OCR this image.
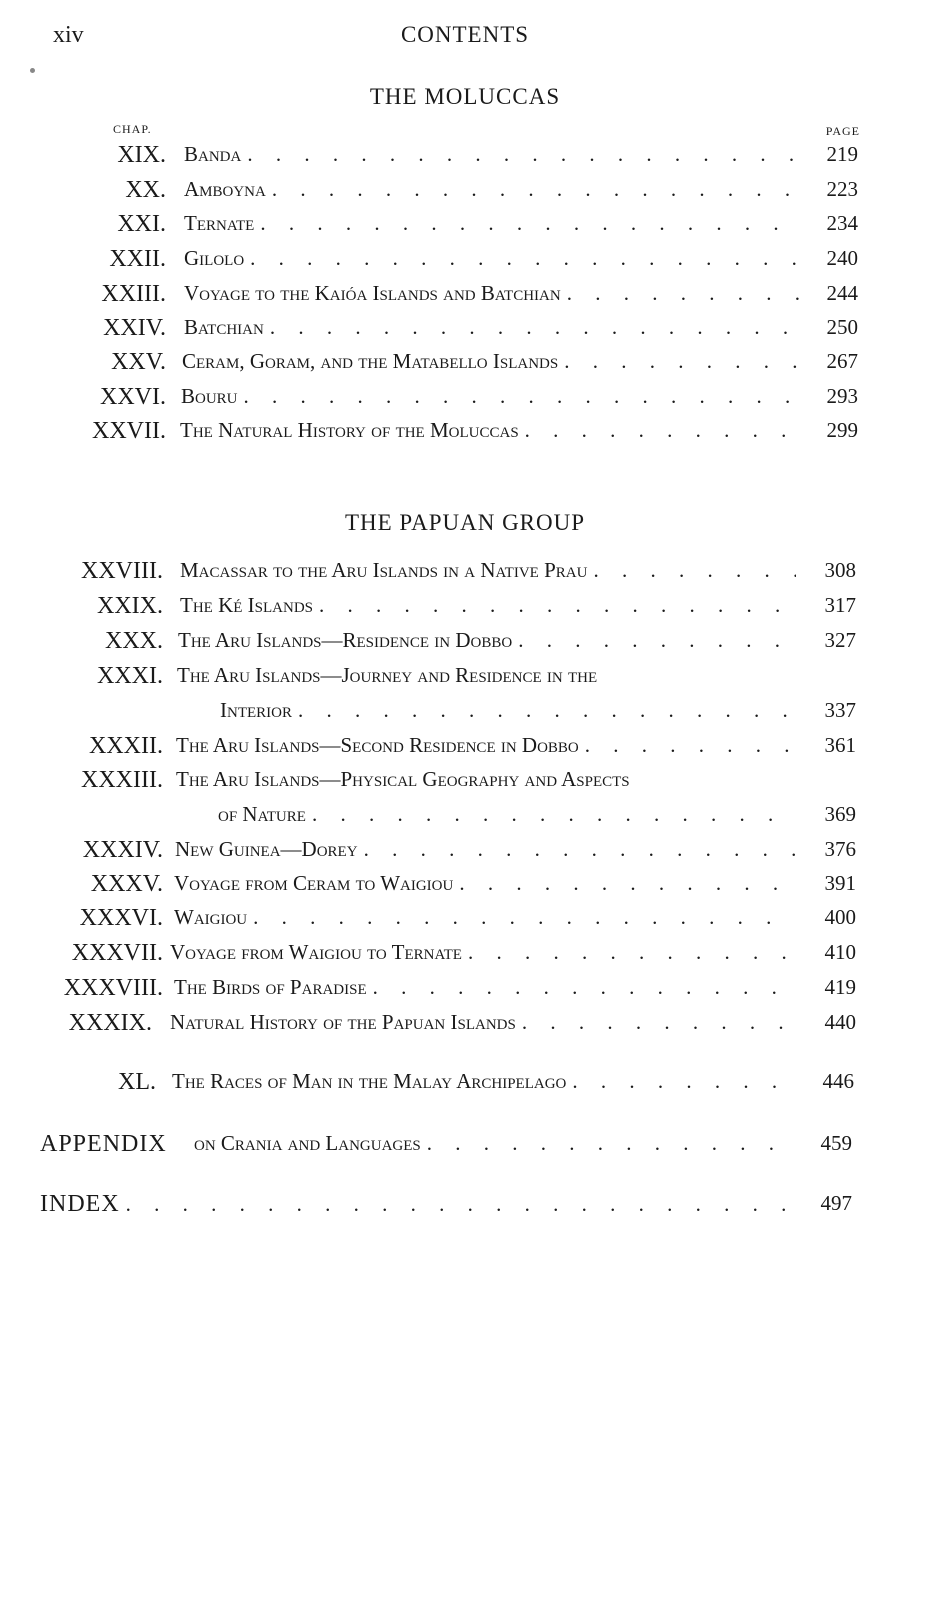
xiv	CONTENTS
THE MOLUCCAS
CHAP.	PAGE
XIX. Banda . . .	219
XX. Amboyna . . .	223
XXI. Ternate . . .	234
XXII. Gilolo . . .	240
XXIII. Voyage to the Kaióa Islands and Batchian . . .	244
XXIV. Batchian . . .	250
XXV. Ceram, Goram, and the Matabello Islands . . .	267
XXVI. Bouru . . .	293
XXVII. The Natural History of the Moluccas . . .	299
THE PAPUAN GROUP
XXVIII. Macassar to the Aru Islands in a Native Prau . . .	308
XXIX. The Ké Islands . . .	317
XXX. The Aru Islands—Residence in Dobbo . . .	327
XXXI. The Aru Islands—Journey and Residence in the
Interior . . .	337
XXXII. The Aru Islands—Second Residence in Dobbo . . .	361
XXXIII. The Aru Islands—Physical Geography and Aspects
of Nature . . .	369
XXXIV. New Guinea—Dorey . . .	376
XXXV. Voyage from Ceram to Waigiou . . .	391
XXXVI. Waigiou . . .	400
XXXVII. Voyage from Waigiou to Ternate . . .	410
XXXVIII. The Birds of Paradise . . .	419
XXXIX. Natural History of the Papuan Islands . . .	440
XL. The Races of Man in the Malay Archipelago . . .	446
APPENDIX on Crania and Languages . . .	459
INDEX . . .	497
